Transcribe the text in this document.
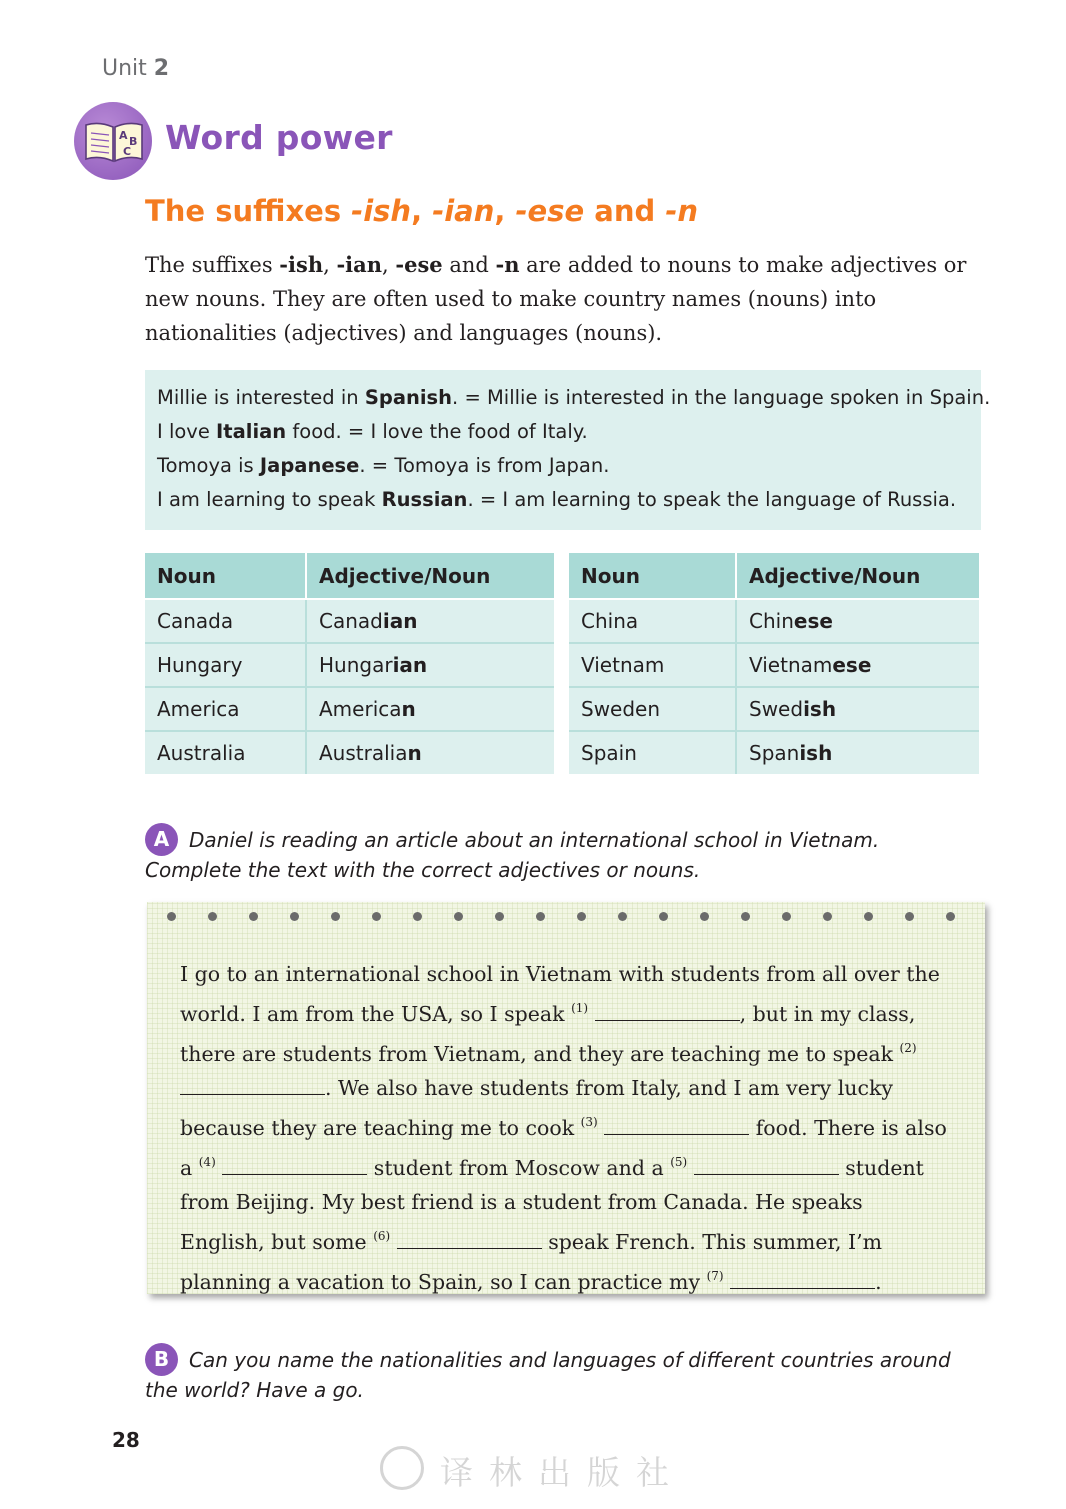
Unit 2
A B
C Word power
The suffixes -ish, -ian, -ese and -n
The suffixes -ish, -ian, -ese and -n are added to nouns to make adjectives or new nouns. They are often used to make country names (nouns) into nationalities (adjectives) and languages (nouns).
Millie is interested in Spanish. = Millie is interested in the language spoken in Spain.
I love Italian food. = I love the food of Italy.
Tomoya is Japanese. = Tomoya is from Japan.
I am learning to speak Russian. = I am learning to speak the language of Russia.
Noun	Adjective/Noun
Canada	Canadian
Hungary	Hungarian
America	American
Australia	Australian
Noun	Adjective/Noun
China	Chinese
Vietnam	Vietnamese
Sweden	Swedish
Spain	Spanish
A Daniel is reading an article about an international school in Vietnam. Complete the text with the correct adjectives or nouns.
I go to an international school in Vietnam with students from all over the world. I am from the USA, so I speak $^{(1)}$	, but in my class, there are students from Vietnam, and they are teaching me to speak $^{(2)}$ . We also have students from Italy, and I am very lucky because they are teaching me to cook $^{(3)}$	food. There is also a $^{(4)}$	student from Moscow and a $^{(5)}$	student from Beijing. My best friend is a student from Canada. He speaks English, but some $^{(6)}$	speak French. This summer, I’m planning a vacation to Spain, so I can practice my $^{(7)}$	.
B Can you name the nationalities and languages of different countries around the world? Have a go.
28
译林出版社
